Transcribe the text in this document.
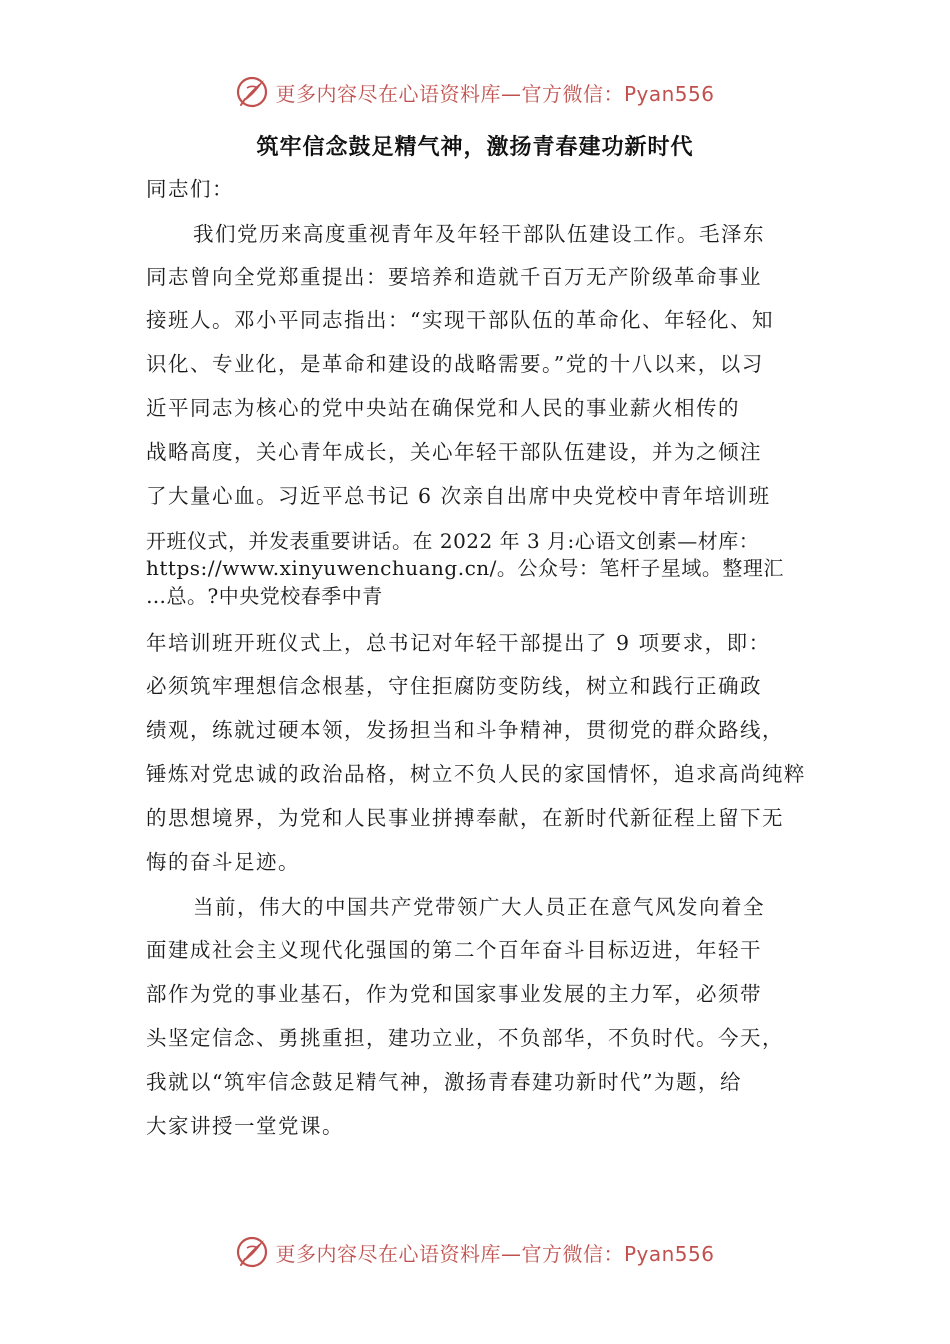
更多内容尽在心语资料库—官方微信：Pyan556
筑牢信念鼓足精气神，激扬青春建功新时代
同志们：
我们党历来高度重视青年及年轻干部队伍建设工作。毛泽东
同志曾向全党郑重提出：要培养和造就千百万无产阶级革命事业
接班人。邓小平同志指出：“实现干部队伍的革命化、年轻化、知
识化、专业化，是革命和建设的战略需要。”党的十八以来，以习
近平同志为核心的党中央站在确保党和人民的事业薪火相传的
战略高度，关心青年成长，关心年轻干部队伍建设，并为之倾注
了大量心血。习近平总书记 6 次亲自出席中央党校中青年培训班
开班仪式，并发表重要讲话。在 2022 年 3 月:心语文创素—材库：
https://www.xinyuwenchuang.cn/。公众号：笔杆子星域。整理汇
…总。?中央党校春季中青
年培训班开班仪式上，总书记对年轻干部提出了 9 项要求，即：
必须筑牢理想信念根基，守住拒腐防变防线，树立和践行正确政
绩观，练就过硬本领，发扬担当和斗争精神，贯彻党的群众路线，
锤炼对党忠诚的政治品格，树立不负人民的家国情怀，追求高尚纯粹
的思想境界，为党和人民事业拼搏奉献，在新时代新征程上留下无
悔的奋斗足迹。
当前，伟大的中国共产党带领广大人员正在意气风发向着全
面建成社会主义现代化强国的第二个百年奋斗目标迈进，年轻干
部作为党的事业基石，作为党和国家事业发展的主力军，必须带
头坚定信念、勇挑重担，建功立业，不负部华，不负时代。今天，
我就以“筑牢信念鼓足精气神，激扬青春建功新时代”为题，给
大家讲授一堂党课。
更多内容尽在心语资料库—官方微信：Pyan556
